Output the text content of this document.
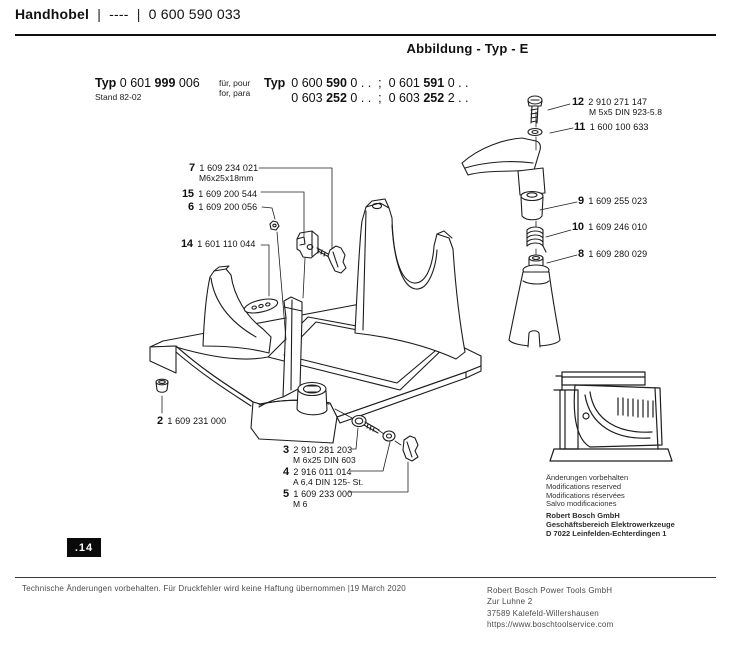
Handhobel | ---- | 0 600 590 033
Abbildung - Typ - E
Typ 0 601 999 006
Stand 82-02
für, pour
for, para
Typ 0 600 590 0 . .  ;  0 601 591 0 . .
0 603 252 0 . .  ;  0 603 252 2 . .
7 1 609 234 021
M6x25x18mm
15 1 609 200 544
6 1 609 200 056
14 1 601 110 044
2 1 609 231 000
3 2 910 281 203
M 6x25 DIN 603
4 2 916 011 014
A 6,4 DIN 125- St.
5 1 609 233 000
M 6
12 2 910 271 147
M 5x5 DIN 923-5.8
11 1 600 100 633
9 1 609 255 023
10 1 609 246 010
8 1 609 280 029
Änderungen vorbehalten
Modifications reserved
Modifications réservées
Salvo modificaciones
Robert Bosch GmbH
Geschäftsbereich Elektrowerkzeuge
D 7022 Leinfelden-Echterdingen 1
.14
Technische Änderungen vorbehalten. Für Druckfehler wird keine Haftung übernommen |19 March 2020	Robert Bosch Power Tools GmbH
Zur Luhne 2
37589 Kalefeld-Willershausen
https://www.boschtoolservice.com
